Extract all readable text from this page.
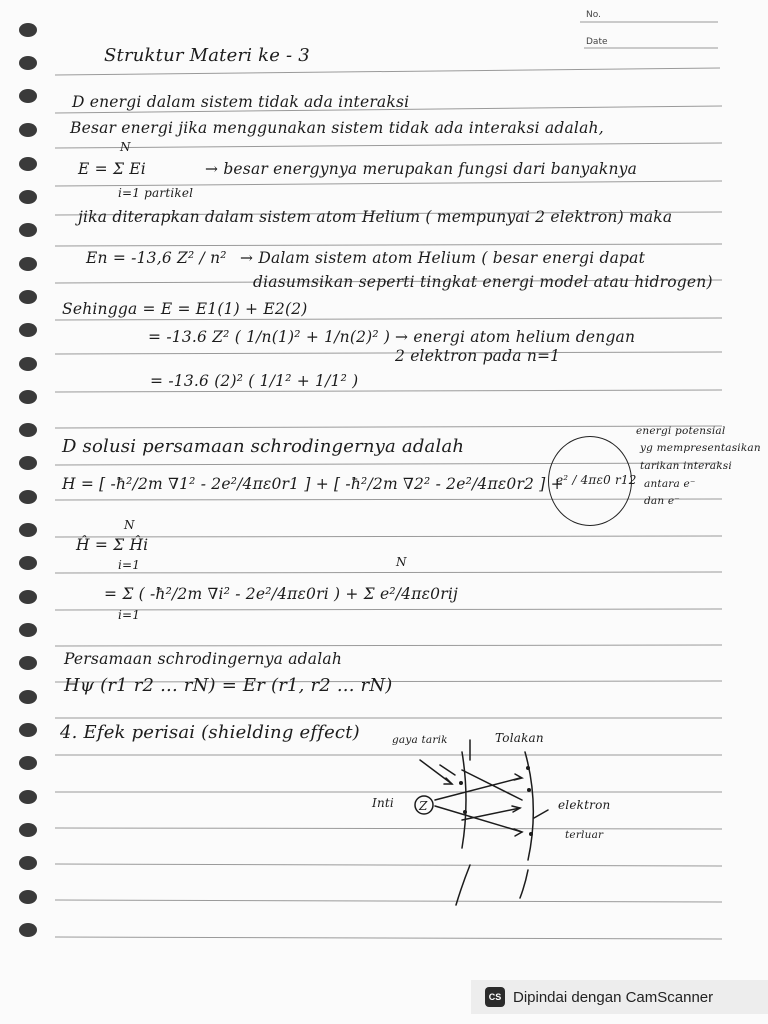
No.
Date
Struktur Materi ke - 3
D energi dalam sistem tidak ada interaksi
Besar energi jika menggunakan sistem tidak ada interaksi adalah,
N
E = Σ Ei	→ besar energynya merupakan fungsi dari banyaknya
i=1 partikel
jika diterapkan dalam sistem atom Helium ( mempunyai 2 elektron) maka
En = -13,6 Z² / n² → Dalam sistem atom Helium ( besar energi dapat
diasumsikan seperti tingkat energi model atau hidrogen)
Sehingga = E = E1(1) + E2(2)
= -13.6 Z² ( 1/n(1)² + 1/n(2)² ) → energi atom helium dengan
2 elektron pada n=1
= -13.6 (2)² ( 1/1² + 1/1² )
D solusi persamaan schrodingernya adalah
H = [ -ħ²/2m ∇1² - 2e²/4πε0r1 ] + [ -ħ²/2m ∇2² - 2e²/4πε0r2 ] +
e² / 4πε0 r12
energi potensial
yg mempresentasikan
tarikan interaksi
antara e⁻
dan e⁻
N
Ĥ = Σ Ĥi
i=1	N
= Σ ( -ħ²/2m ∇i² - 2e²/4πε0ri ) + Σ e²/4πε0rij
i=1
Persamaan schrodingernya adalah
Hψ (r1 r2 ... rN) = Er (r1, r2 ... rN)
4. Efek perisai (shielding effect)	gaya tarik	Tolakan
Inti	elektron
terluar
Z
CS Dipindai dengan CamScanner
